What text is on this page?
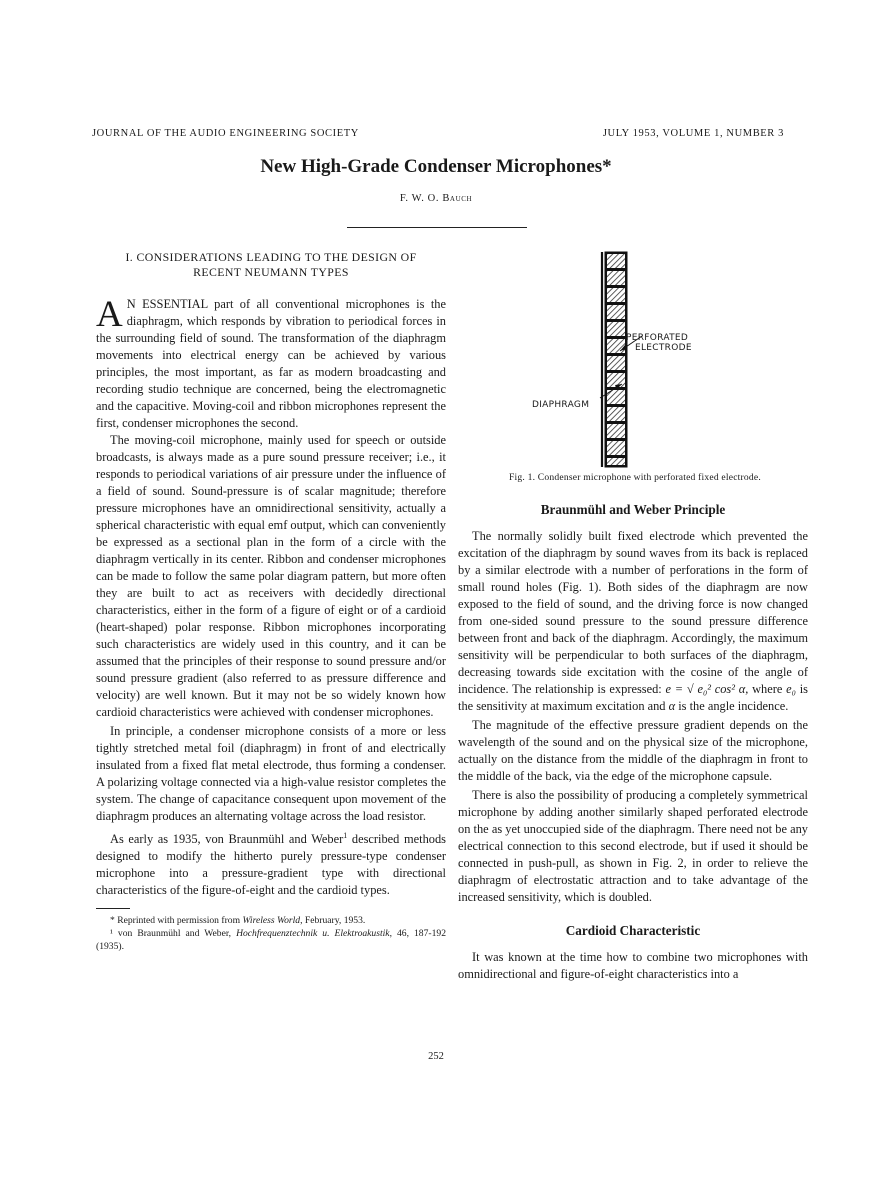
JOURNAL OF THE AUDIO ENGINEERING SOCIETY	JULY 1953, VOLUME 1, NUMBER 3
New High-Grade Condenser Microphones*
F. W. O. Bauch
I. CONSIDERATIONS LEADING TO THE DESIGN OF
RECENT NEUMANN TYPES

A N ESSENTIAL part of all conventional microphones is the diaphragm, which responds by vibration to periodical forces in the surrounding field of sound. The transformation of the diaphragm movements into electrical energy can be achieved by various principles, the most important, as far as modern broadcasting and recording studio technique are concerned, being the electromagnetic and the capacitive. Moving-coil and ribbon microphones represent the first, condenser microphones the second.

The moving-coil microphone, mainly used for speech or outside broadcasts, is always made as a pure sound pressure receiver; i.e., it responds to periodical variations of air pressure under the influence of a field of sound. Sound-pressure is of scalar magnitude; therefore pressure microphones have an omnidirectional sensitivity, actually a spherical characteristic with equal emf output, which can conveniently be expressed as a sectional plan in the form of a circle with the diaphragm vertically in its center. Ribbon and condenser microphones can be made to follow the same polar diagram pattern, but more often they are built to act as receivers with decidedly directional characteristics, either in the form of a figure of eight or of a cardioid (heart-shaped) polar response. Ribbon microphones incorporating such characteristics are widely used in this country, and it can be assumed that the principles of their response to sound pressure and/or sound pressure gradient (also referred to as pressure difference and velocity) are well known. But it may not be so widely known how cardioid characteristics were achieved with condenser microphones.

In principle, a condenser microphone consists of a more or less tightly stretched metal foil (diaphragm) in front of and electrically insulated from a fixed flat metal electrode, thus forming a condenser. A polarizing voltage connected via a high-value resistor completes the system. The change of capacitance consequent upon movement of the diaphragm produces an alternating voltage across the load resistor.

As early as 1935, von Braunmühl and Weber$^1$ described methods designed to modify the hitherto purely pressure-type condenser microphone into a pressure-gradient type with directional characteristics of the figure-of-eight and the cardioid types.

* Reprinted with permission from Wireless World, February, 1953.

¹ von Braunmühl and Weber, Hochfrequenztechnik u. Elektroakustik, 46, 187-192 (1935).

PERFORATED
ELECTRODE
DIAPHRAGM
Fig. 1. Condenser microphone with perforated fixed electrode.
Braunmühl and Weber Principle

The normally solidly built fixed electrode which prevented the excitation of the diaphragm by sound waves from its back is replaced by a similar electrode with a number of perforations in the form of small round holes (Fig. 1). Both sides of the diaphragm are now exposed to the field of sound, and the driving force is now changed from one-sided sound pressure to the sound pressure difference between front and back of the diaphragm. Accordingly, the maximum sensitivity will be perpendicular to both surfaces of the diaphragm, decreasing towards side excitation with the cosine of the angle of incidence. The relationship is expressed: e = √ e₀² cos² α, where e₀ is the sensitivity at maximum excitation and α is the angle incidence.

The magnitude of the effective pressure gradient depends on the wavelength of the sound and on the physical size of the microphone, actually on the distance from the middle of the diaphragm in front to the middle of the back, via the edge of the microphone capsule.

There is also the possibility of producing a completely symmetrical microphone by adding another similarly shaped perforated electrode on the as yet unoccupied side of the diaphragm. There need not be any electrical connection to this second electrode, but if used it should be connected in push-pull, as shown in Fig. 2, in order to relieve the diaphragm of electrostatic attraction and to take advantage of the increased sensitivity, which is doubled.

Cardioid Characteristic

It was known at the time how to combine two microphones with omnidirectional and figure-of-eight characteristics into a

252
